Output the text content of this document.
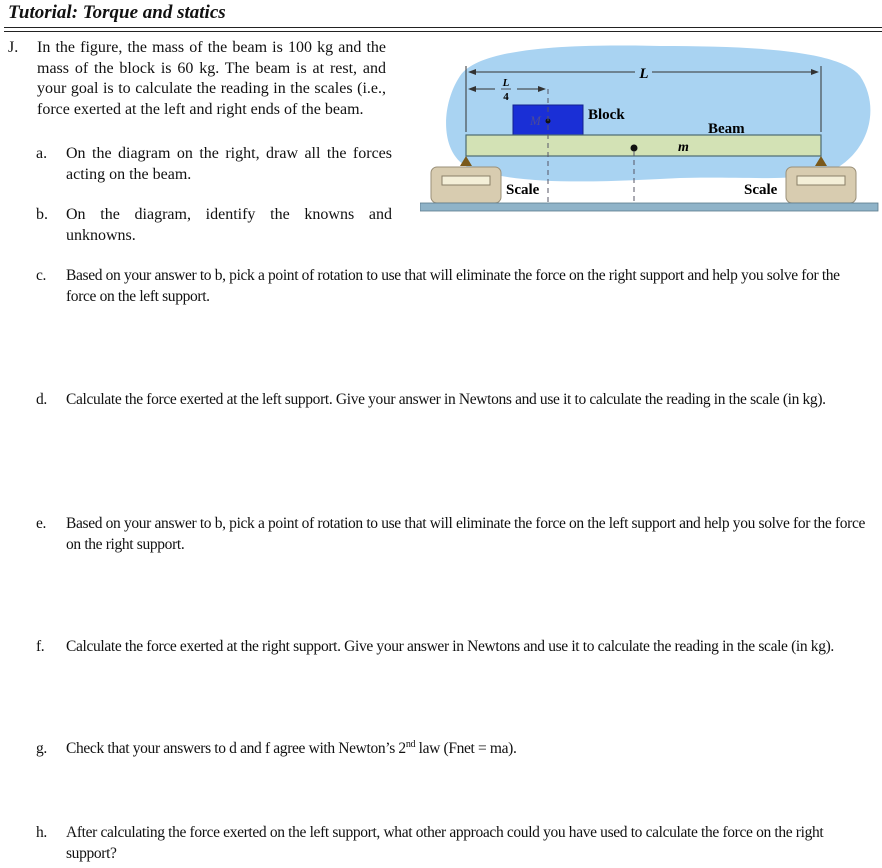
Tutorial: Torque and statics
J. In the figure, the mass of the beam is 100 kg and the mass of the block is 60 kg. The beam is at rest, and your goal is to calculate the reading in the scales (i.e., force exerted at the left and right ends of the beam.
a. On the diagram on the right, draw all the forces acting on the beam.
b. On the diagram, identify the knowns and unknowns.
c. Based on your answer to b, pick a point of rotation to use that will eliminate the force on the right support and help you solve for the force on the left support.
d. Calculate the force exerted at the left support. Give your answer in Newtons and use it to calculate the reading in the scale (in kg).
e. Based on your answer to b, pick a point of rotation to use that will eliminate the force on the left support and help you solve for the force on the right support.
f. Calculate the force exerted at the right support. Give your answer in Newtons and use it to calculate the reading in the scale (in kg).
g. Check that your answers to d and f agree with Newton’s 2nd law (Fnet = ma).
h. After calculating the force exerted on the left support, what other approach could you have used to calculate the force on the right support?
L
L
4
M	Block
m
Beam
Scale	Scale
